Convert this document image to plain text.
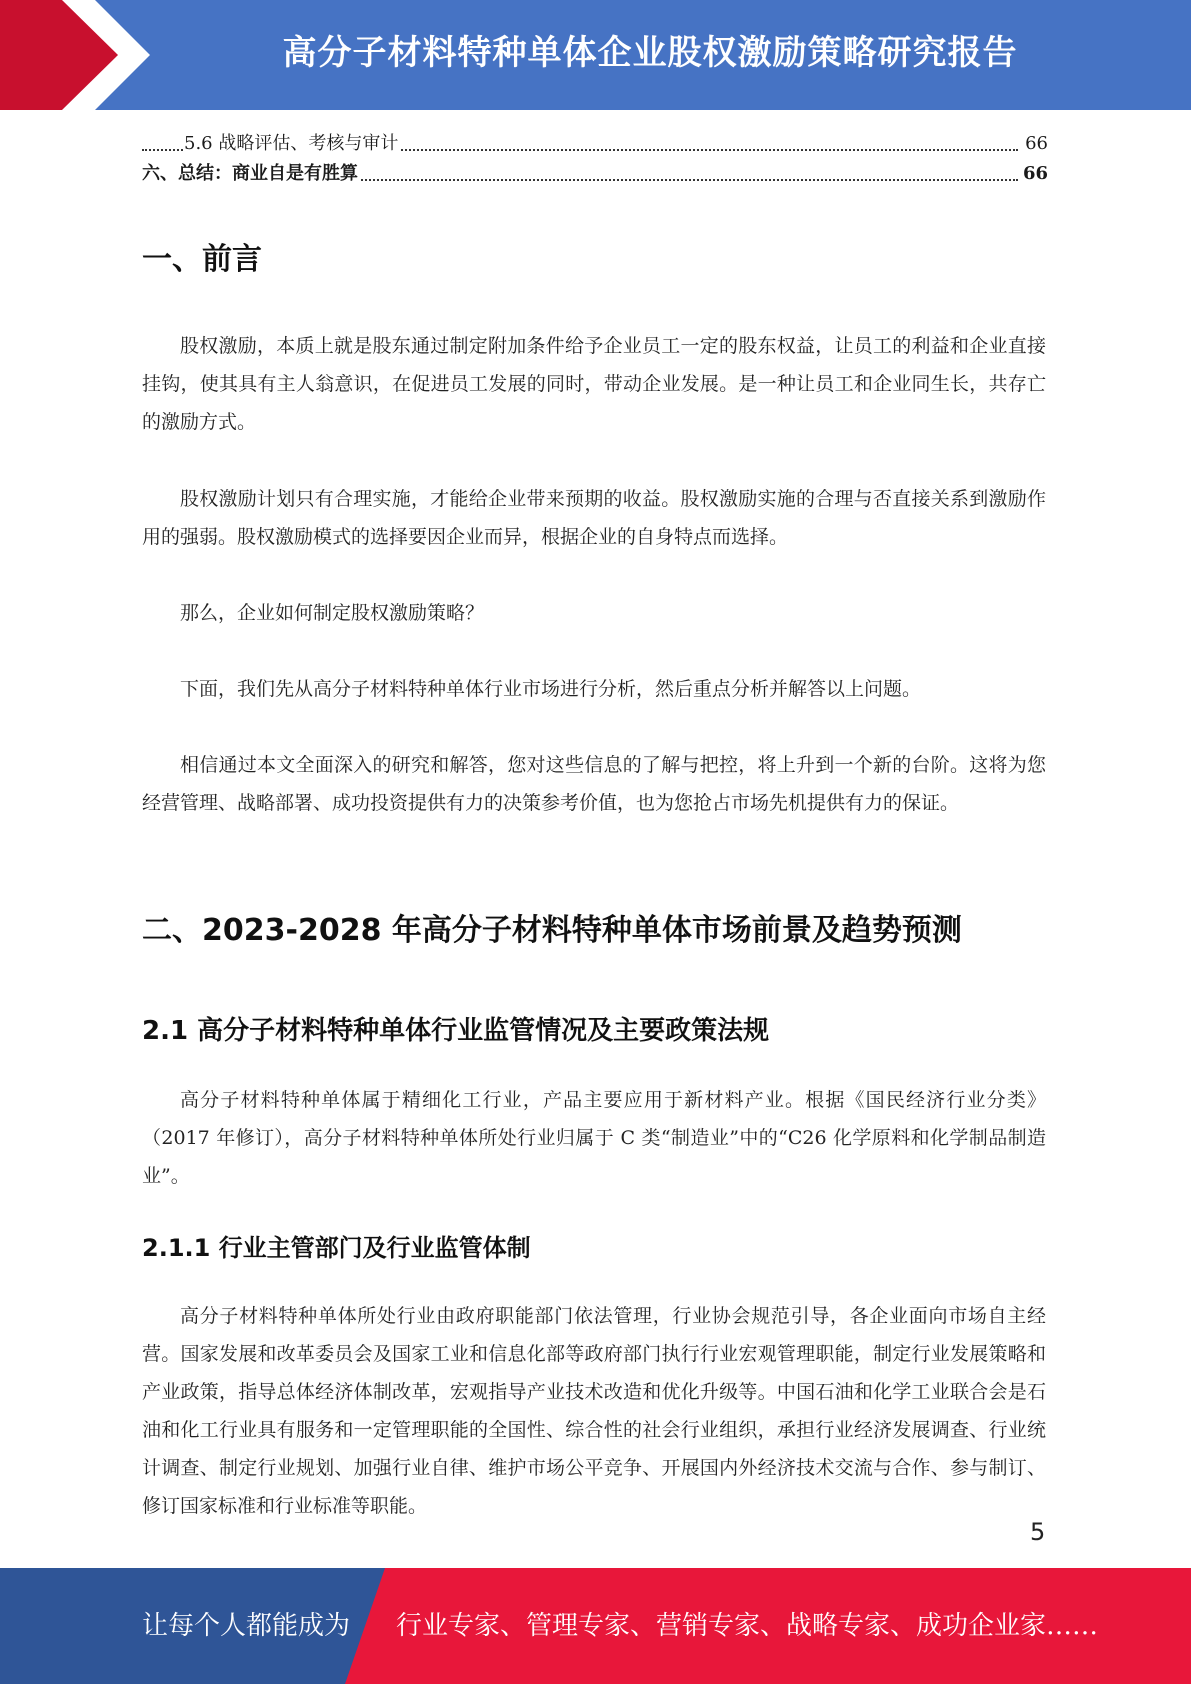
高分子材料特种单体企业股权激励策略研究报告
5.6 战略评估、考核与审计	66
六、总结：商业自是有胜算	66
一、前言

股权激励，本质上就是股东通过制定附加条件给予企业员工一定的股东权益，让员工的利益和企业直接挂钩，使其具有主人翁意识，在促进员工发展的同时，带动企业发展。是一种让员工和企业同生长，共存亡的激励方式。

股权激励计划只有合理实施，才能给企业带来预期的收益。股权激励实施的合理与否直接关系到激励作用的强弱。股权激励模式的选择要因企业而异，根据企业的自身特点而选择。

那么，企业如何制定股权激励策略？

下面，我们先从高分子材料特种单体行业市场进行分析，然后重点分析并解答以上问题。

相信通过本文全面深入的研究和解答，您对这些信息的了解与把控，将上升到一个新的台阶。这将为您经营管理、战略部署、成功投资提供有力的决策参考价值，也为您抢占市场先机提供有力的保证。

二、2023-2028 年高分子材料特种单体市场前景及趋势预测
2.1 高分子材料特种单体行业监管情况及主要政策法规

高分子材料特种单体属于精细化工行业，产品主要应用于新材料产业。根据《国民经济行业分类》（2017 年修订），高分子材料特种单体所处行业归属于 C 类“制造业”中的“C26 化学原料和化学制品制造业”。

2.1.1 行业主管部门及行业监管体制

高分子材料特种单体所处行业由政府职能部门依法管理，行业协会规范引导，各企业面向市场自主经营。国家发展和改革委员会及国家工业和信息化部等政府部门执行行业宏观管理职能，制定行业发展策略和产业政策，指导总体经济体制改革，宏观指导产业技术改造和优化升级等。中国石油和化学工业联合会是石油和化工行业具有服务和一定管理职能的全国性、综合性的社会行业组织，承担行业经济发展调查、行业统计调查、制定行业规划、加强行业自律、维护市场公平竞争、开展国内外经济技术交流与合作、参与制订、修订国家标准和行业标准等职能。

5
让每个人都能成为 行业专家、管理专家、营销专家、战略专家、成功企业家……
